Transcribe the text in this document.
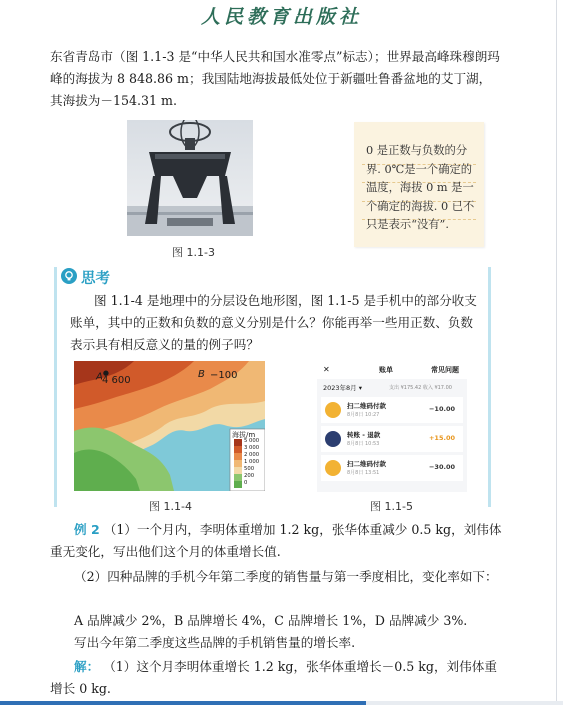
人民教育出版社

东省青岛市（图 1.1-3 是“中华人民共和国水准零点”标志）；世界最高峰珠穆朗玛峰的海拔为 8 848.86 m；我国陆地海拔最低处位于新疆吐鲁番盆地的艾丁湖，其海拔为－154.31 m.

图 1.1-3
0 是正数与负数的分界. 0℃是一个确定的温度，海拔 0 m 是一个确定的海拔. 0 已不只是表示“没有”.
思考

图 1.1-4 是地理中的分层设色地形图，图 1.1-5 是手机中的部分收支账单，其中的正数和负数的意义分别是什么？你能再举一些用正数、负数表示具有相反意义的量的例子吗？

A●
4 600
B −100
海拔/m
5 000
3 000
2 000
1 000
500
200
0
图 1.1-4
✕	账单	常见问题
2023年8月 ▾	支出 ¥175.42 收入 ¥17.00
扫二维码付款
8月8日 10:27
−10.00
转账 - 退款
8月8日 10:53
+15.00
扫二维码付款
8月8日 13:51
−30.00
图 1.1-5

例 2 （1）一个月内，李明体重增加 1.2 kg，张华体重减少 0.5 kg，刘伟体重无变化，写出他们这个月的体重增长值.

（2）四种品牌的手机今年第二季度的销售量与第一季度相比，变化率如下：

A 品牌减少 2%，B 品牌增长 4%，C 品牌增长 1%，D 品牌减少 3%.

写出今年第二季度这些品牌的手机销售量的增长率.

解： （1）这个月李明体重增长 1.2 kg，张华体重增长－0.5 kg，刘伟体重增长 0 kg.
